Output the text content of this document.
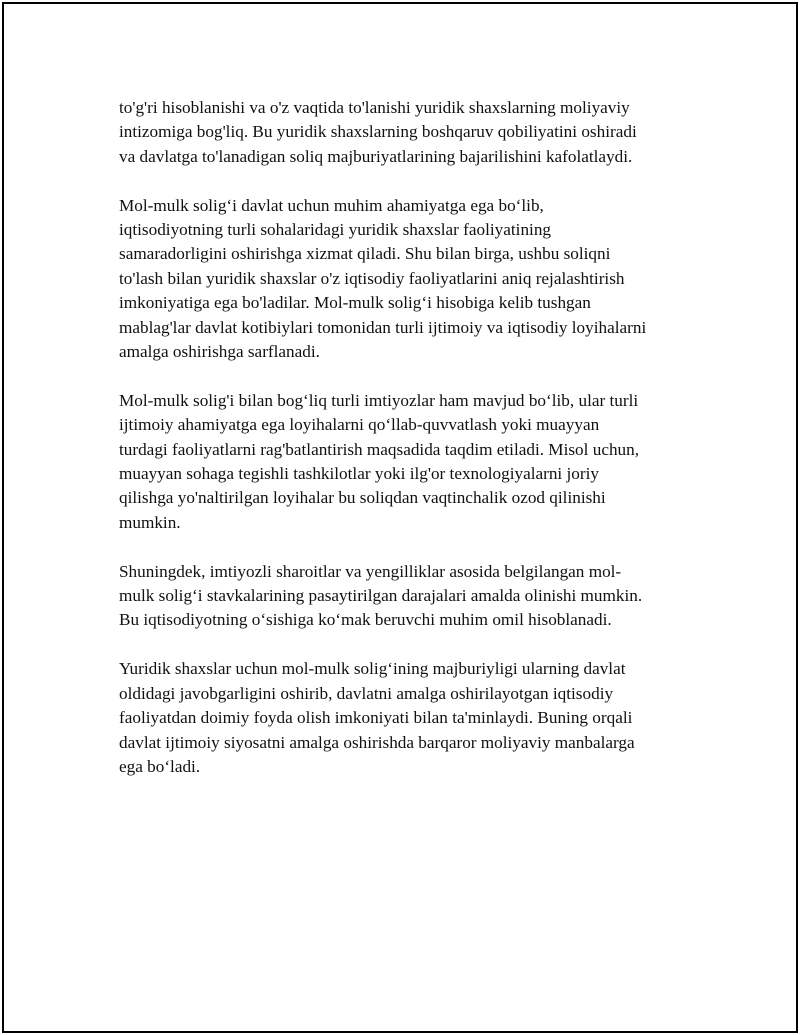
to'g'ri hisoblanishi va o'z vaqtida to'lanishi yuridik shaxslarning moliyaviy
intizomiga bog'liq. Bu yuridik shaxslarning boshqaruv qobiliyatini oshiradi
va davlatga to'lanadigan soliq majburiyatlarining bajarilishini kafolatlaydi.

Mol-mulk solig‘i davlat uchun muhim ahamiyatga ega bo‘lib,
iqtisodiyotning turli sohalaridagi yuridik shaxslar faoliyatining
samaradorligini oshirishga xizmat qiladi. Shu bilan birga, ushbu soliqni
to'lash bilan yuridik shaxslar o'z iqtisodiy faoliyatlarini aniq rejalashtirish
imkoniyatiga ega bo'ladilar. Mol-mulk solig‘i hisobiga kelib tushgan
mablag'lar davlat kotibiylari tomonidan turli ijtimoiy va iqtisodiy loyihalarni
amalga oshirishga sarflanadi.

Mol-mulk solig'i bilan bog‘liq turli imtiyozlar ham mavjud bo‘lib, ular turli
ijtimoiy ahamiyatga ega loyihalarni qo‘llab-quvvatlash yoki muayyan
turdagi faoliyatlarni rag'batlantirish maqsadida taqdim etiladi. Misol uchun,
muayyan sohaga tegishli tashkilotlar yoki ilg'or texnologiyalarni joriy
qilishga yo'naltirilgan loyihalar bu soliqdan vaqtinchalik ozod qilinishi
mumkin.

Shuningdek, imtiyozli sharoitlar va yengilliklar asosida belgilangan mol-
mulk solig‘i stavkalarining pasaytirilgan darajalari amalda olinishi mumkin.
Bu iqtisodiyotning o‘sishiga ko‘mak beruvchi muhim omil hisoblanadi.

Yuridik shaxslar uchun mol-mulk solig‘ining majburiyligi ularning davlat
oldidagi javobgarligini oshirib, davlatni amalga oshirilayotgan iqtisodiy
faoliyatdan doimiy foyda olish imkoniyati bilan ta'minlaydi. Buning orqali
davlat ijtimoiy siyosatni amalga oshirishda barqaror moliyaviy manbalarga
ega bo‘ladi.
